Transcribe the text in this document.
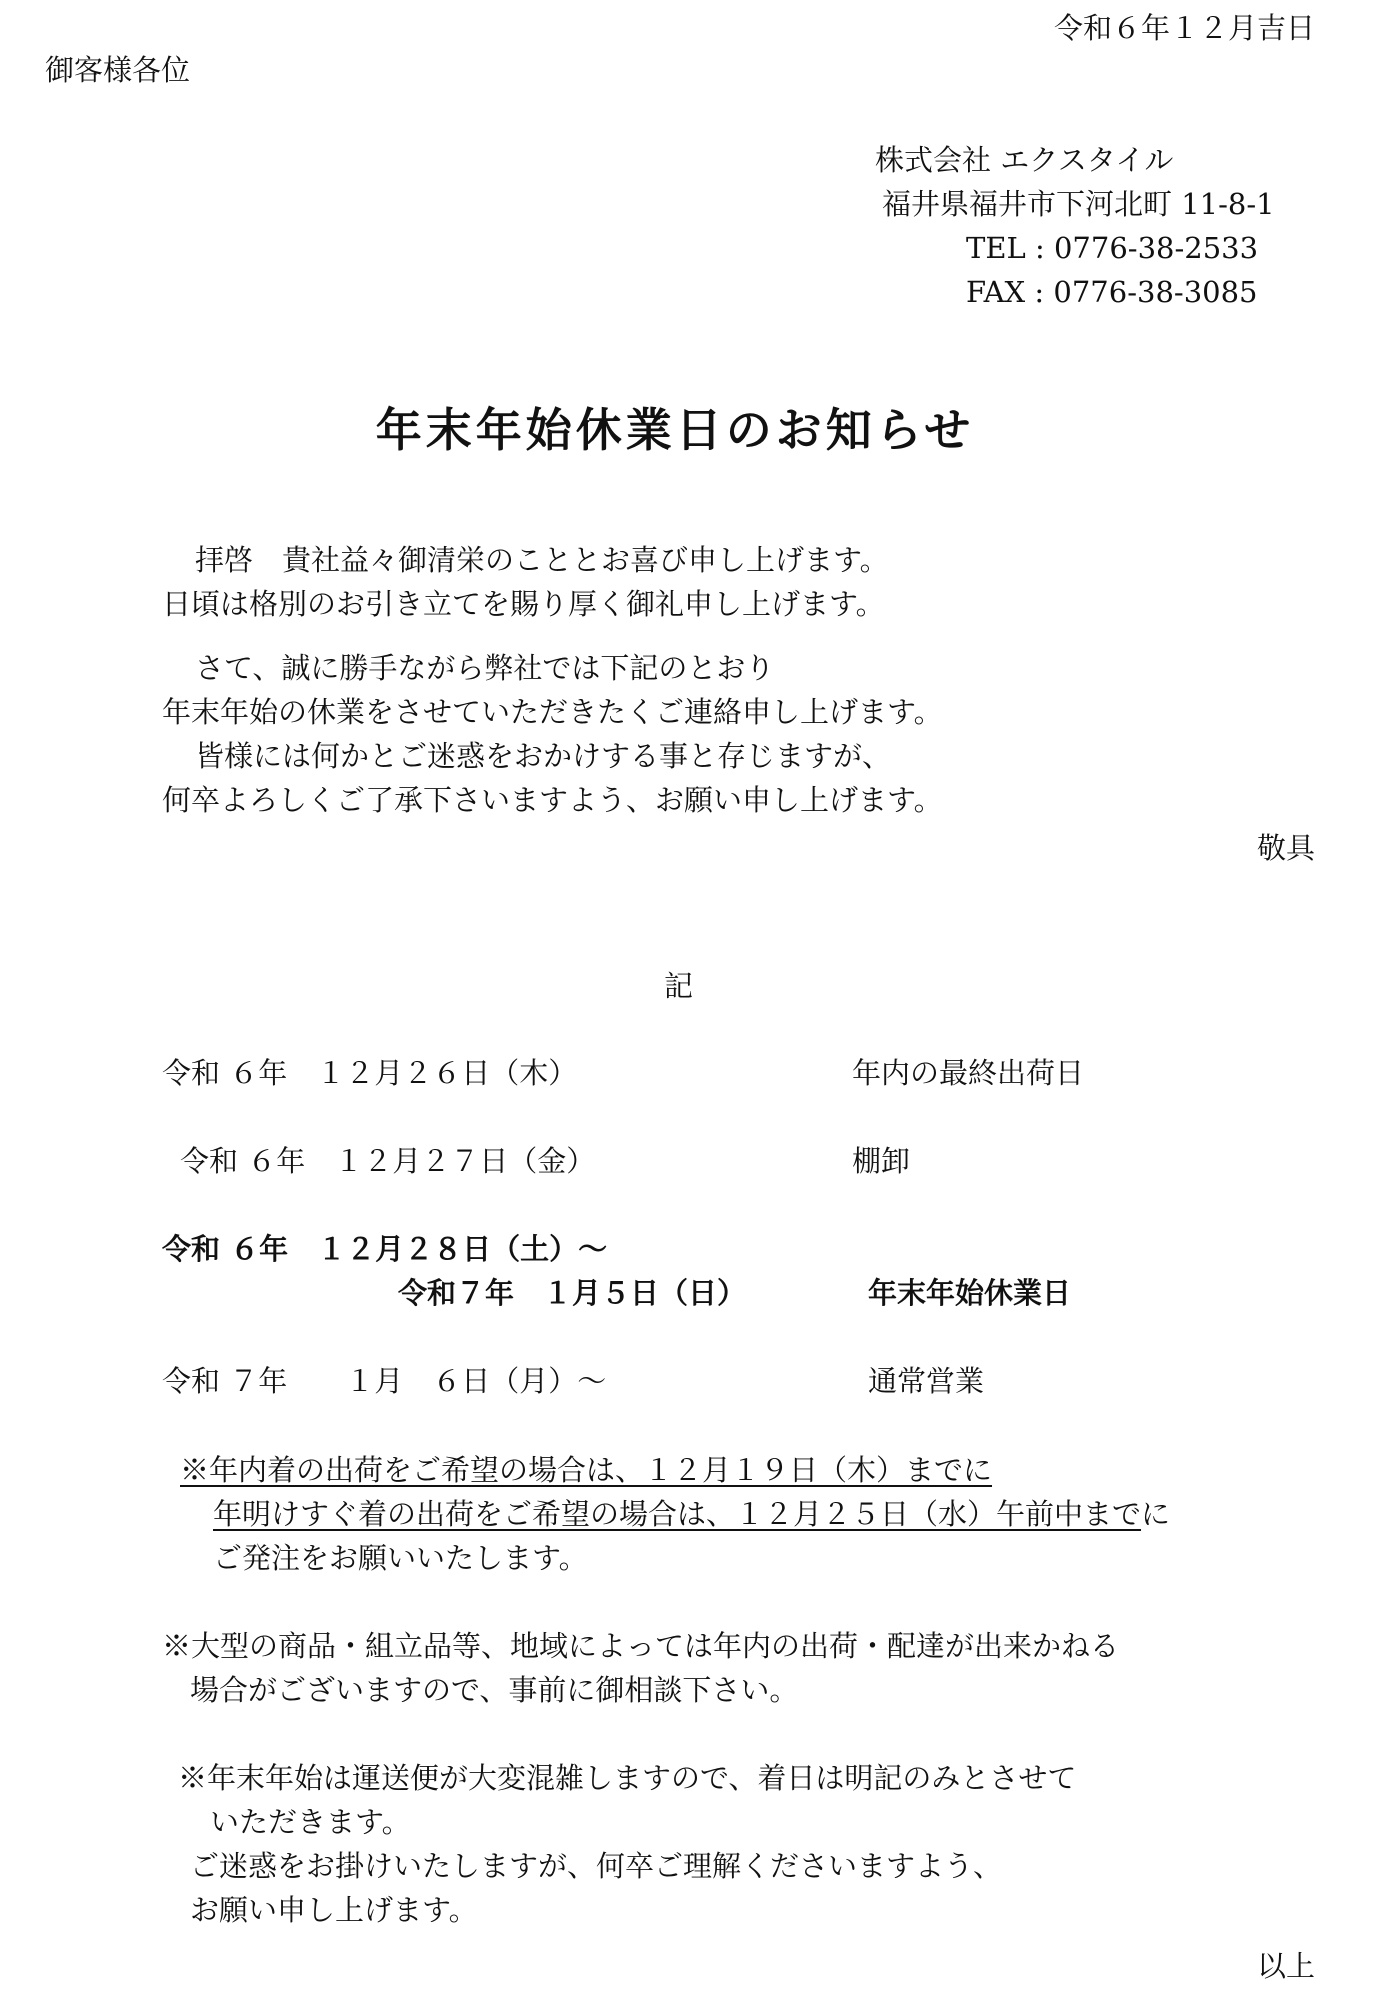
令和６年１２月吉日
御客様各位
株式会社 エクスタイル
福井県福井市下河北町 11-8-1
TEL : 0776-38-2533
FAX : 0776-38-3085
年末年始休業日のお知らせ
拝啓　貴社益々御清栄のこととお喜び申し上げます。
日頃は格別のお引き立てを賜り厚く御礼申し上げます。
さて、誠に勝手ながら弊社では下記のとおり
年末年始の休業をさせていただきたくご連絡申し上げます。
皆様には何かとご迷惑をおかけする事と存じますが、
何卒よろしくご了承下さいますよう、お願い申し上げます。
敬具
記
令和 ６年　１２月２６日（木）	年内の最終出荷日
令和 ６年　１２月２７日（金）	棚卸
令和 ６年　１２月２８日（土）～
令和７年　１月５日（日）	年末年始休業日
令和 ７年　　１月　６日（月）～	通常営業
※年内着の出荷をご希望の場合は、１２月１９日（木）までに
年明けすぐ着の出荷をご希望の場合は、１２月２５日（水）午前中までに
ご発注をお願いいたします。
※大型の商品・組立品等、地域によっては年内の出荷・配達が出来かねる
場合がございますので、事前に御相談下さい。
※年末年始は運送便が大変混雑しますので、着日は明記のみとさせて
いただきます。
ご迷惑をお掛けいたしますが、何卒ご理解くださいますよう、
お願い申し上げます。
以上
